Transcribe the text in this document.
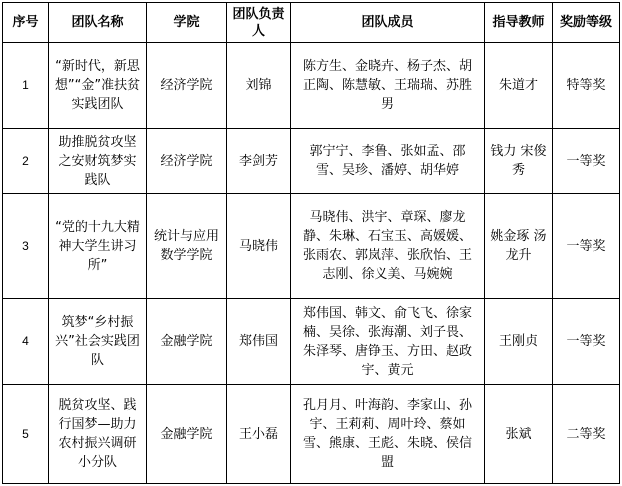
序号	团队名称	学院	团队负责人	团队成员	指导教师	奖励等级
1	“新时代，新思想”“金”准扶贫实践团队	经济学院	刘锦	陈方生、金晓卉、杨子杰、胡正陶、陈慧敏、王瑞瑞、苏胜男	朱道才	特等奖
2	助推脱贫攻坚之安财筑梦实践队	经济学院	李剑芳	郭宁宁、李鲁、张如孟、邵雪、吴珍、潘婷、胡华婷	钱力 宋俊秀	一等奖
3	“党的十九大精神大学生讲习所”	统计与应用数学学院	马晓伟	马晓伟、洪宇、章琛、廖龙静、朱琳、石宝玉、高媛媛、张雨农、郭岚萍、张欣怡、王志刚、徐义美、马婉婉	姚金琢 汤龙升	一等奖
4	筑梦“乡村振兴”社会实践团队	金融学院	郑伟国	郑伟国、韩文、俞飞飞、徐家楠、吴徐、张海潮、刘子畏、朱泽琴、唐铮玉、方田、赵政宇、黄元	王刚贞	一等奖
5	脱贫攻坚、践行国梦—助力农村振兴调研小分队	金融学院	王小磊	孔月月、叶海韵、李家山、孙宇、王莉莉、周叶玲、蔡如雪、熊康、王彪、朱晓、侯信盟	张斌	二等奖
